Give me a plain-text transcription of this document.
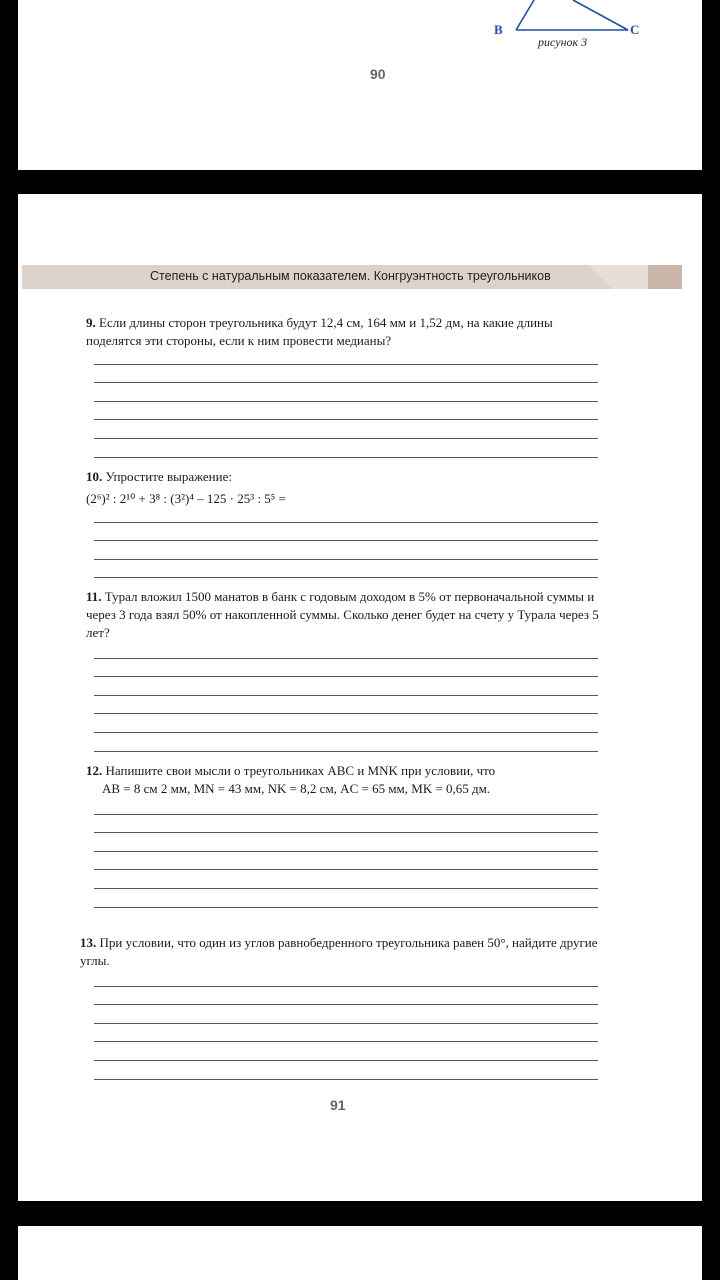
B	C
рисунок 3
90
Степень с натуральным показателем. Конгруэнтность треугольников
9. Если длины сторон треугольника будут 12,4 см, 164 мм и 1,52 дм, на какие длины поделятся эти стороны, если к ним провести медианы?
10. Упростите выражение:
(2⁶)² : 2¹⁰ + 3⁸ : (3²)⁴ – 125 · 25³ : 5⁵ =
11. Турал вложил 1500 манатов в банк с годовым доходом в 5% от первоначальной суммы и через 3 года взял 50% от накопленной суммы. Сколько денег будет на счету у Турала через 5 лет?
12. Напишите свои мысли о треугольниках ABC и MNK при условии, что
AB = 8 см 2 мм, MN = 43 мм, NK = 8,2 см, AC = 65 мм, MK = 0,65 дм.
13. При условии, что один из углов равнобедренного треугольника равен 50°, найдите другие углы.
91
